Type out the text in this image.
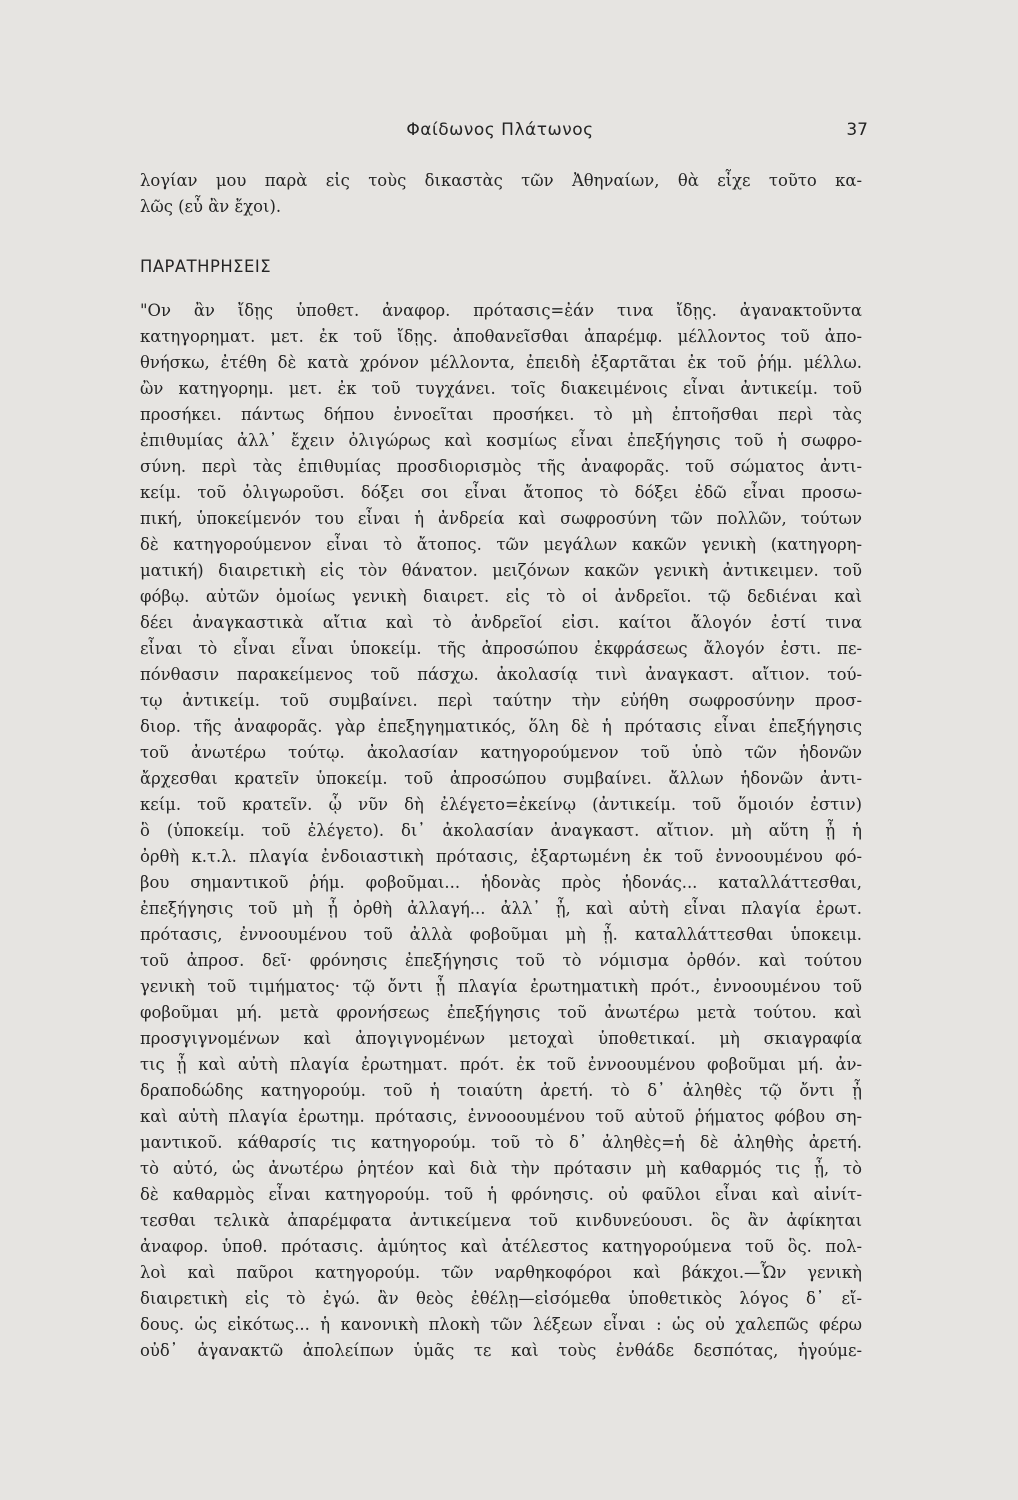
Φαίδωνος Πλάτωνος	37
λογίαν μου παρὰ εἰς τοὺς δικαστὰς τῶν Ἀθηναίων, θὰ εἶχε τοῦτο κα-
λῶς (εὖ ἂν ἔχοι).
ΠΑΡΑΤΗΡΗΣΕΙΣ
"Ον ἂν ἴδῃς ὑποθετ. ἀναφορ. πρότασις=ἐάν τινα ἴδῃς. ἀγανακτοῦντα
κατηγορηματ. μετ. ἐκ τοῦ ἴδῃς. ἀποθανεῖσθαι ἀπαρέμφ. μέλλοντος τοῦ ἀπο-
θνήσκω, ἐτέθη δὲ κατὰ χρόνον μέλλοντα, ἐπειδὴ ἐξαρτᾶται ἐκ τοῦ ῥήμ. μέλλω.
ὢν κατηγορημ. μετ. ἐκ τοῦ τυγχάνει. τοῖς διακειμένοις εἶναι ἀντικείμ. τοῦ
προσήκει. πάντως δήπου ἐννοεῖται προσήκει. τὸ μὴ ἐπτοῆσθαι περὶ τὰς
ἐπιθυμίας ἀλλ᾽ ἔχειν ὀλιγώρως καὶ κοσμίως εἶναι ἐπεξήγησις τοῦ ἡ σωφρο-
σύνη. περὶ τὰς ἐπιθυμίας προσδιορισμὸς τῆς ἀναφορᾶς. τοῦ σώματος ἀντι-
κείμ. τοῦ ὀλιγωροῦσι. δόξει σοι εἶναι ἄτοπος τὸ δόξει ἐδῶ εἶναι προσω-
πική, ὑποκείμενόν του εἶναι ἡ ἀνδρεία καὶ σωφροσύνη τῶν πολλῶν, τούτων
δὲ κατηγορούμενον εἶναι τὸ ἄτοπος. τῶν μεγάλων κακῶν γενικὴ (κατηγορη-
ματική) διαιρετικὴ εἰς τὸν θάνατον. μειζόνων κακῶν γενικὴ ἀντικειμεν. τοῦ
φόβῳ. αὐτῶν ὁμοίως γενικὴ διαιρετ. εἰς τὸ οἱ ἀνδρεῖοι. τῷ δεδιέναι καὶ
δέει ἀναγκαστικὰ αἴτια καὶ τὸ ἀνδρεῖοί εἰσι. καίτοι ἄλογόν ἐστί τινα
εἶναι τὸ εἶναι εἶναι ὑποκείμ. τῆς ἀπροσώπου ἐκφράσεως ἄλογόν ἐστι. πε-
πόνθασιν παρακείμενος τοῦ πάσχω. ἀκολασίᾳ τινὶ ἀναγκαστ. αἴτιον. τού-
τῳ ἀντικείμ. τοῦ συμβαίνει. περὶ ταύτην τὴν εὐήθη σωφροσύνην προσ-
διορ. τῆς ἀναφορᾶς. γὰρ ἐπεξηγηματικός, ὅλη δὲ ἡ πρότασις εἶναι ἐπεξήγησις
τοῦ ἀνωτέρω τούτῳ. ἀκολασίαν κατηγορούμενον τοῦ ὑπὸ τῶν ἡδονῶν
ἄρχεσθαι κρατεῖν ὑποκείμ. τοῦ ἀπροσώπου συμβαίνει. ἄλλων ἡδονῶν ἀντι-
κείμ. τοῦ κρατεῖν. ᾧ νῦν δὴ ἐλέγετο=ἐκείνῳ (ἀντικείμ. τοῦ ὅμοιόν ἐστιν)
ὃ (ὑποκείμ. τοῦ ἐλέγετο). δι᾽ ἀκολασίαν ἀναγκαστ. αἴτιον. μὴ αὕτη ᾖ ἡ
ὀρθὴ κ.τ.λ. πλαγία ἐνδοιαστικὴ πρότασις, ἐξαρτωμένη ἐκ τοῦ ἐννοουμένου φό-
βου σημαντικοῦ ῥήμ. φοβοῦμαι... ἡδονὰς πρὸς ἡδονάς... καταλλάττεσθαι,
ἐπεξήγησις τοῦ μὴ ᾖ ὀρθὴ ἀλλαγή... ἀλλ᾽ ᾖ, καὶ αὐτὴ εἶναι πλαγία ἐρωτ.
πρότασις, ἐννοουμένου τοῦ ἀλλὰ φοβοῦμαι μὴ ᾖ. καταλλάττεσθαι ὑποκειμ.
τοῦ ἀπροσ. δεῖ· φρόνησις ἐπεξήγησις τοῦ τὸ νόμισμα ὀρθόν. καὶ τούτου
γενικὴ τοῦ τιμήματος· τῷ ὄντι ᾖ πλαγία ἐρωτηματικὴ πρότ., ἐννοουμένου τοῦ
φοβοῦμαι μή. μετὰ φρονήσεως ἐπεξήγησις τοῦ ἀνωτέρω μετὰ τούτου. καὶ
προσγιγνομένων καὶ ἀπογιγνομένων μετοχαὶ ὑποθετικαί. μὴ σκιαγραφία
τις ᾖ καὶ αὐτὴ πλαγία ἐρωτηματ. πρότ. ἐκ τοῦ ἐννοουμένου φοβοῦμαι μή. ἀν-
δραποδώδης κατηγορούμ. τοῦ ἡ τοιαύτη ἀρετή. τὸ δ᾽ ἀληθὲς τῷ ὄντι ᾖ
καὶ αὐτὴ πλαγία ἐρωτημ. πρότασις, ἐννοοουμένου τοῦ αὐτοῦ ῥήματος φόβου ση-
μαντικοῦ. κάθαρσίς τις κατηγορούμ. τοῦ τὸ δ᾽ ἀληθὲς=ἡ δὲ ἀληθὴς ἀρετή.
τὸ αὐτό, ὡς ἀνωτέρω ῥητέον καὶ διὰ τὴν πρότασιν μὴ καθαρμός τις ᾖ, τὸ
δὲ καθαρμὸς εἶναι κατηγορούμ. τοῦ ἡ φρόνησις. οὐ φαῦλοι εἶναι καὶ αἰνίτ-
τεσθαι τελικὰ ἀπαρέμφατα ἀντικείμενα τοῦ κινδυνεύουσι. ὃς ἂν ἀφίκηται
ἀναφορ. ὑποθ. πρότασις. ἀμύητος καὶ ἀτέλεστος κατηγορούμενα τοῦ ὃς. πολ-
λοὶ καὶ παῦροι κατηγορούμ. τῶν ναρθηκοφόροι καὶ βάκχοι.—Ὧν γενικὴ
διαιρετικὴ εἰς τὸ ἐγώ. ἂν θεὸς ἐθέλῃ—εἰσόμεθα ὑποθετικὸς λόγος δ᾽ εἴ-
δους. ὡς εἰκότως... ἡ κανονικὴ πλοκὴ τῶν λέξεων εἶναι : ὡς οὐ χαλεπῶς φέρω
οὐδ᾽ ἀγανακτῶ ἀπολείπων ὑμᾶς τε καὶ τοὺς ἐνθάδε δεσπότας, ἡγούμε-
